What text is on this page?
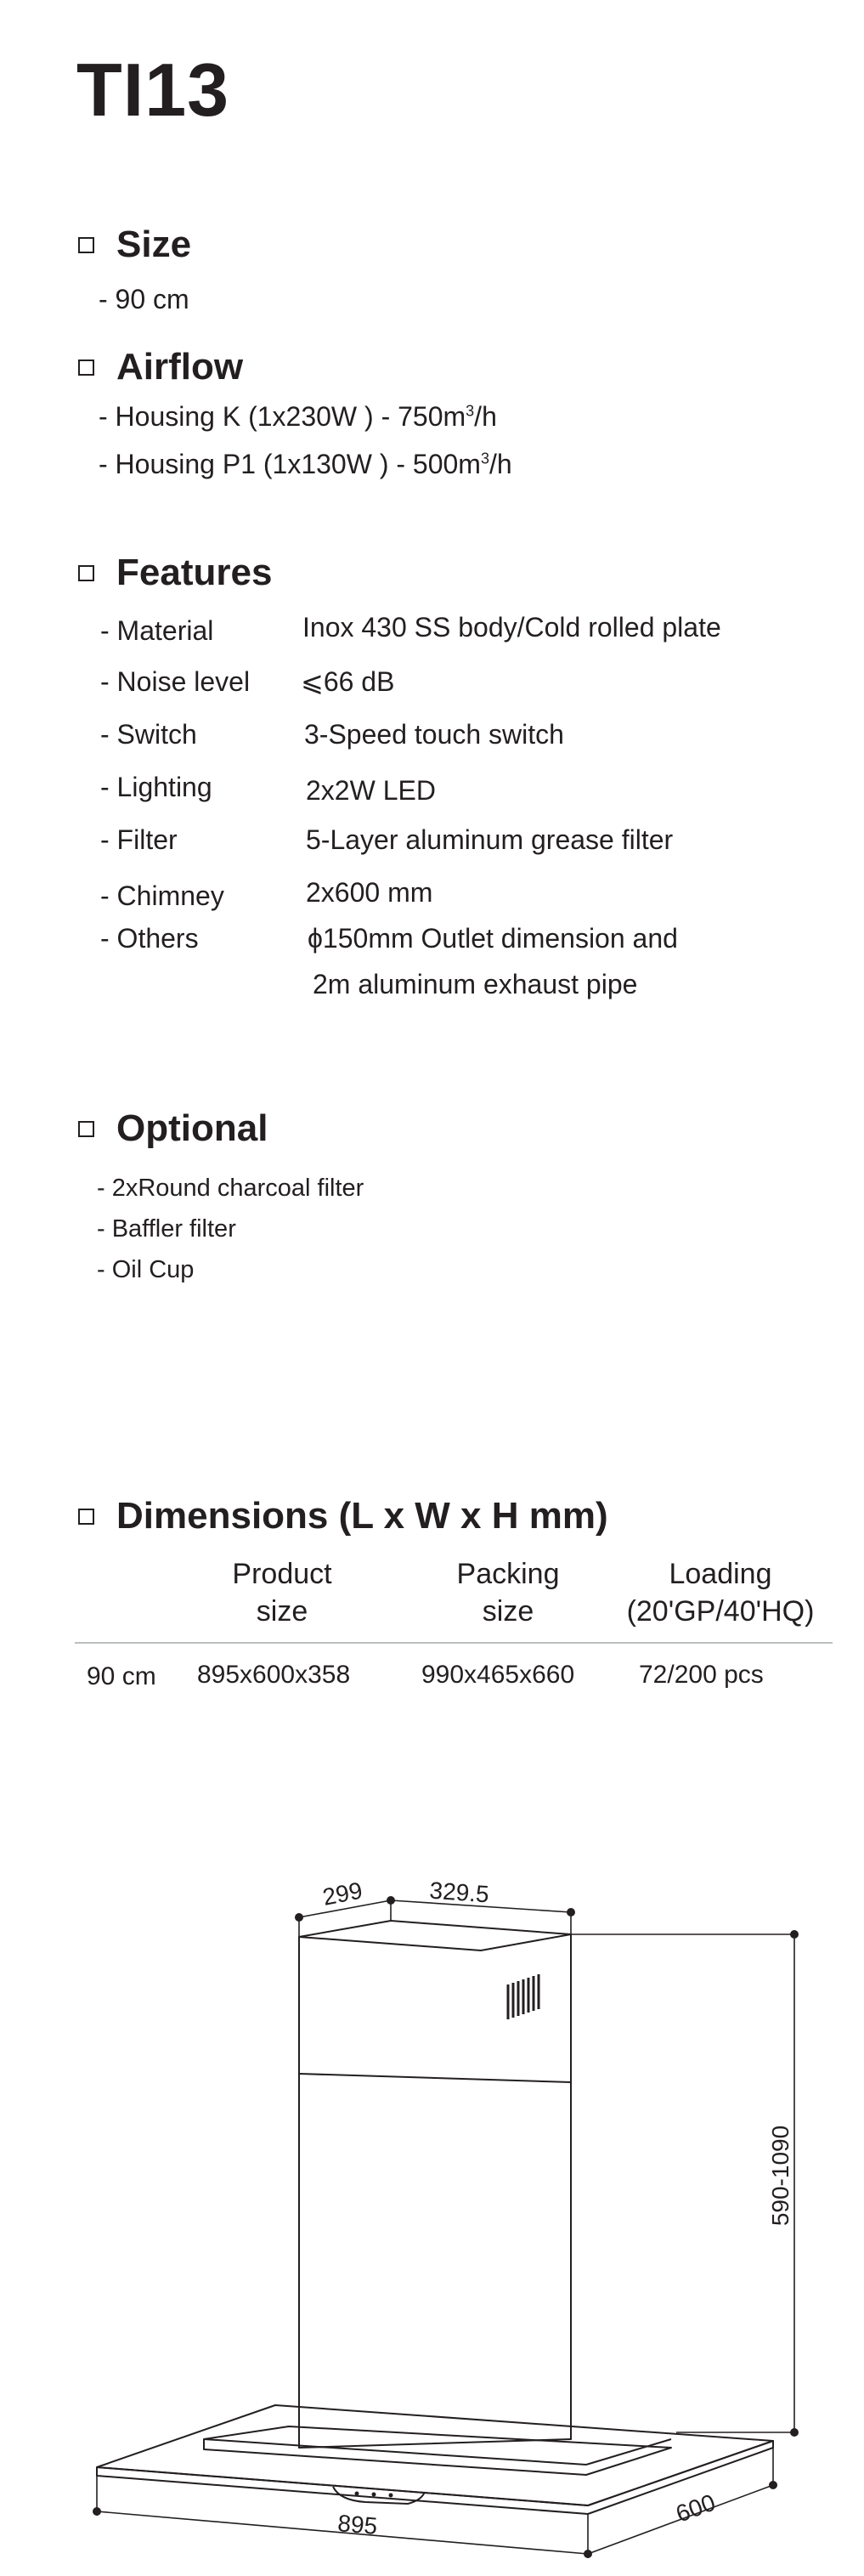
TI13
Size
- 90 cm
Airflow
- Housing K (1x230W ) - $750m^3/h$
- Housing P1 (1x130W ) - $500m^3/h$
Features
- Material	Inox 430 SS body/Cold rolled plate
- Noise level ⩽66 dB
- Switch	3-Speed touch switch
- Lighting	2x2W LED
- Filter	5-Layer aluminum grease filter
- Chimney	2x600 mm
- Others	ϕ150mm Outlet dimension and
2m aluminum exhaust pipe
Optional
- 2xRound charcoal filter
- Baffler filter
- Oil Cup
Dimensions (L x W x H mm)
Product
size
Packing
size
Loading
(20'GP/40'HQ)
90 cm 895x600x358	990x465x660	72/200 pcs
299	329.5
590-1090
895	600
